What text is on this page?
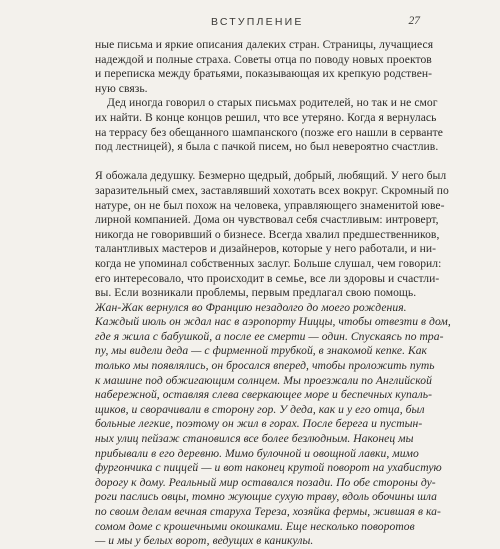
ВСТУПЛЕНИЕ	27

ные письма и яркие описания далеких стран. Страницы, лучащиеся
надеждой и полные страха. Советы отца по поводу новых проектов
и переписка между братьями, показывающая их крепкую родствен-
ную связь.

Дед иногда говорил о старых письмах родителей, но так и не смог
их найти. В конце концов решил, что все утеряно. Когда я вернулась
на террасу без обещанного шампанского (позже его нашли в серванте
под лестницей), я была с пачкой писем, но был невероятно счастлив.

Я обожала дедушку. Безмерно щедрый, добрый, любящий. У него был
заразительный смех, заставлявший хохотать всех вокруг. Скромный по
натуре, он не был похож на человека, управляющего знаменитой юве-
лирной компанией. Дома он чувствовал себя счастливым: интроверт,
никогда не говоривший о бизнесе. Всегда хвалил предшественников,
талантливых мастеров и дизайнеров, которые у него работали, и ни-
когда не упоминал собственных заслуг. Больше слушал, чем говорил:
его интересовало, что происходит в семье, все ли здоровы и счастли-
вы. Если возникали проблемы, первым предлагал свою помощь.

Жан-Жак вернулся во Францию незадолго до моего рождения.
Каждый июль он ждал нас в аэропорту Ниццы, чтобы отвезти в дом,
где я жила с бабушкой, а после ее смерти — один. Спускаясь по тра-
пу, мы видели деда — с фирменной трубкой, в знакомой кепке. Как
только мы появлялись, он бросался вперед, чтобы проложить путь
к машине под обжигающим солнцем. Мы проезжали по Английской
набережной, оставляя слева сверкающее море и беспечных купаль-
щиков, и сворачивали в сторону гор. У деда, как и у его отца, был
больные легкие, поэтому он жил в горах. После берега и пустын-
ных улиц пейзаж становился все более безлюдным. Наконец мы
прибывали в его деревню. Мимо булочной и овощной лавки, мимо
фургончика с пиццей — и вот наконец крутой поворот на ухабистую
дорогу к дому. Реальный мир оставался позади. По обе стороны ду-
роги паслись овцы, томно жующие сухую траву, вдоль обочины шла
по своим делам вечная старуха Тереза, хозяйка фермы, жившая в ка-
сомом доме с крошечными окошками. Еще несколько поворотов
— и мы у белых ворот, ведущих в каникулы.
